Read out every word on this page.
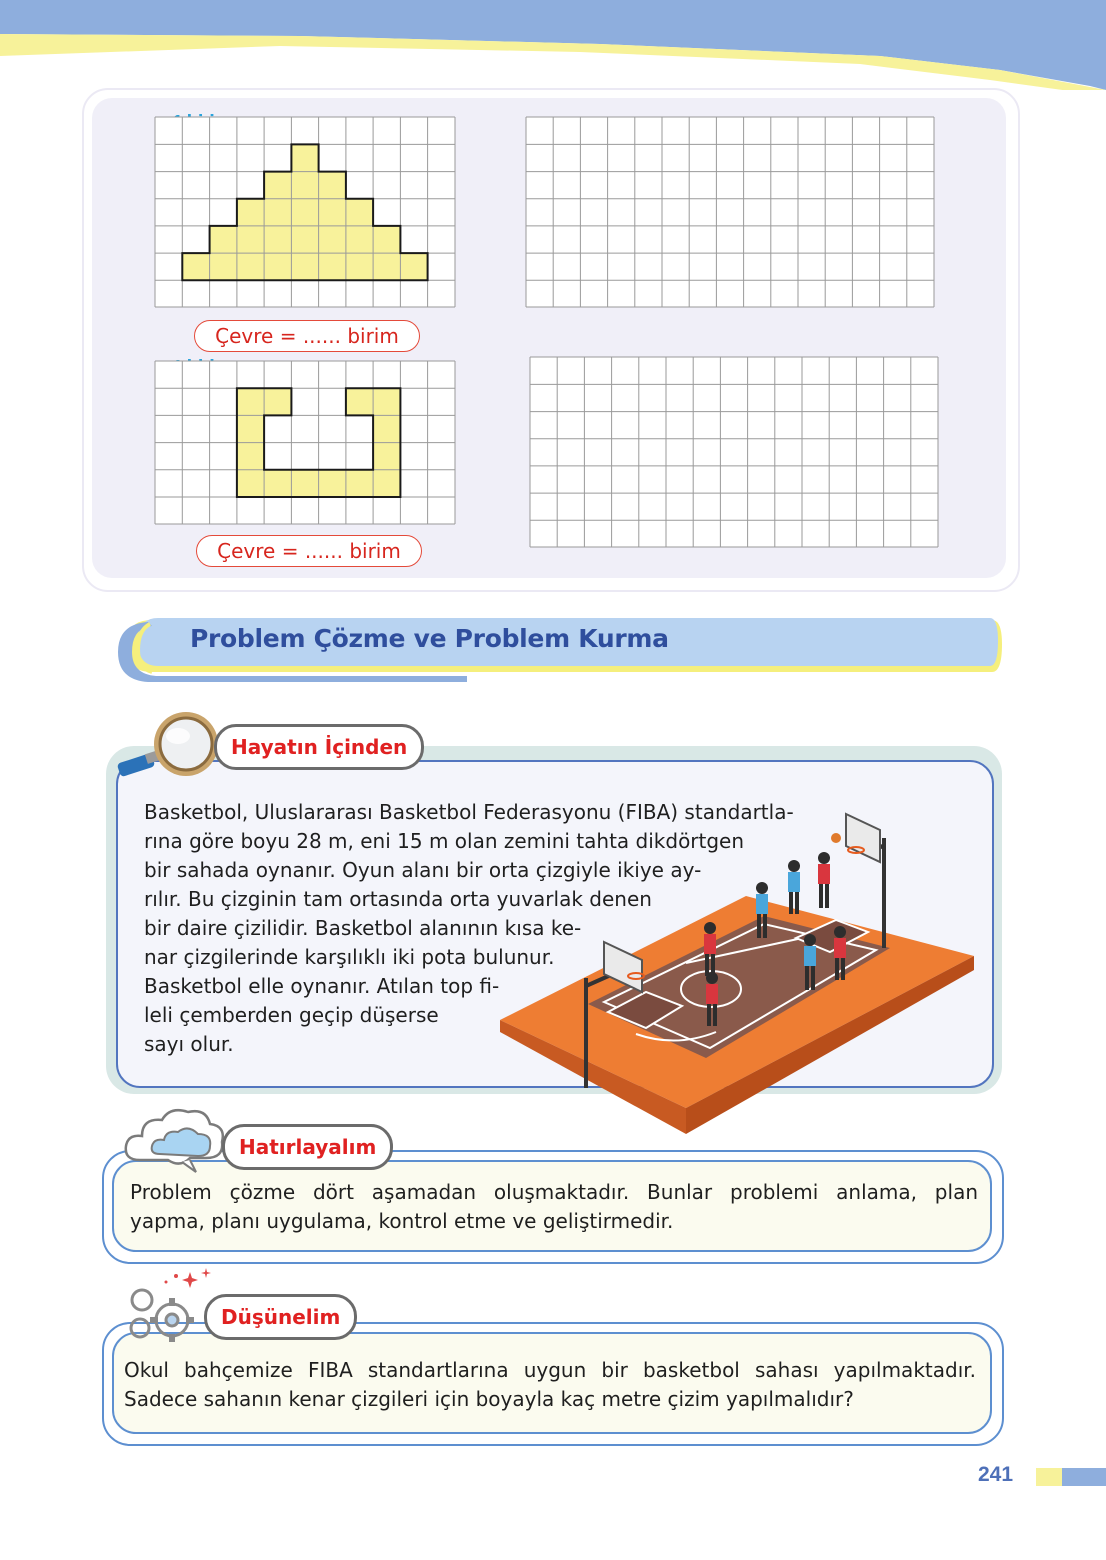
Çevre = ...... birim
Çevre = ...... birim
Problem Çözme ve Problem Kurma
Hayatın İçinden

Basketbol, Uluslararası Basketbol Federasyonu (FIBA) standartla-

rına göre boyu 28 m, eni 15 m olan zemini tahta dikdörtgen

bir sahada oynanır. Oyun alanı bir orta çizgiyle ikiye ay-

rılır. Bu çizginin tam ortasında orta yuvarlak denen

bir daire çizilidir. Basketbol alanının kısa ke-

nar çizgilerinde karşılıklı iki pota bulunur.

Basketbol elle oynanır. Atılan top fi-

leli çemberden geçip düşerse

sayı olur.

Hatırlayalım

Problem çözme dört aşamadan oluşmaktadır. Bunlar problemi anlama, plan

yapma, planı uygulama, kontrol etme ve geliştirmedir.

Düşünelim

Okul bahçemize FIBA standartlarına uygun bir basketbol sahası yapılmaktadır.

Sadece sahanın kenar çizgileri için boyayla kaç metre çizim yapılmalıdır?

241
